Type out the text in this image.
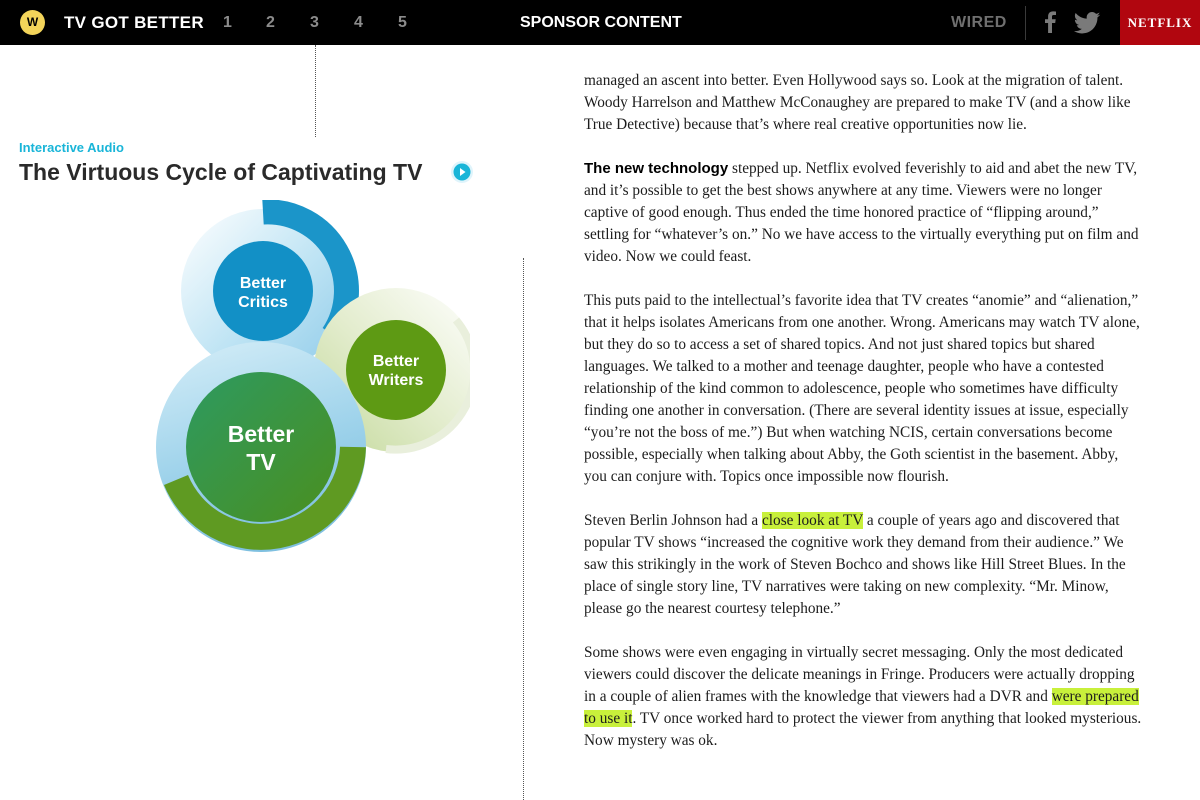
W	TV GOT BETTER 1 2 3 4 5	SPONSOR CONTENT	WIRED	NETFLIX
Interactive Audio
The Virtuous Cycle of Captivating TV
Better
Critics
Better
Writers
Better
TV

managed an ascent into better. Even Hollywood says so. Look at the migration of talent. Woody Harrelson and Matthew McConaughey are prepared to make TV (and a show like True Detective) because that’s where real creative opportunities now lie.

The new technology stepped up. Netflix evolved feverishly to aid and abet the new TV, and it’s possible to get the best shows anywhere at any time. Viewers were no longer captive of good enough. Thus ended the time honored practice of “flipping around,” settling for “whatever’s on.” No we have access to the virtually everything put on film and video. Now we could feast.

This puts paid to the intellectual’s favorite idea that TV creates “anomie” and “alienation,” that it helps isolates Americans from one another. Wrong. Americans may watch TV alone, but they do so to access a set of shared topics. And not just shared topics but shared languages. We talked to a mother and teenage daughter, people who have a contested relationship of the kind common to adolescence, people who sometimes have difficulty finding one another in conversation. (There are several identity issues at issue, especially “you’re not the boss of me.”) But when watching NCIS, certain conversations become possible, especially when talking about Abby, the Goth scientist in the basement. Abby, you can conjure with. Topics once impossible now flourish.

Steven Berlin Johnson had a close look at TV a couple of years ago and discovered that popular TV shows “increased the cognitive work they demand from their audience.” We saw this strikingly in the work of Steven Bochco and shows like Hill Street Blues. In the place of single story line, TV narratives were taking on new complexity. “Mr. Minow, please go the nearest courtesy telephone.”

Some shows were even engaging in virtually secret messaging. Only the most dedicated viewers could discover the delicate meanings in Fringe. Producers were actually dropping in a couple of alien frames with the knowledge that viewers had a DVR and were prepared to use it. TV once worked hard to protect the viewer from anything that looked mysterious. Now mystery was ok.
